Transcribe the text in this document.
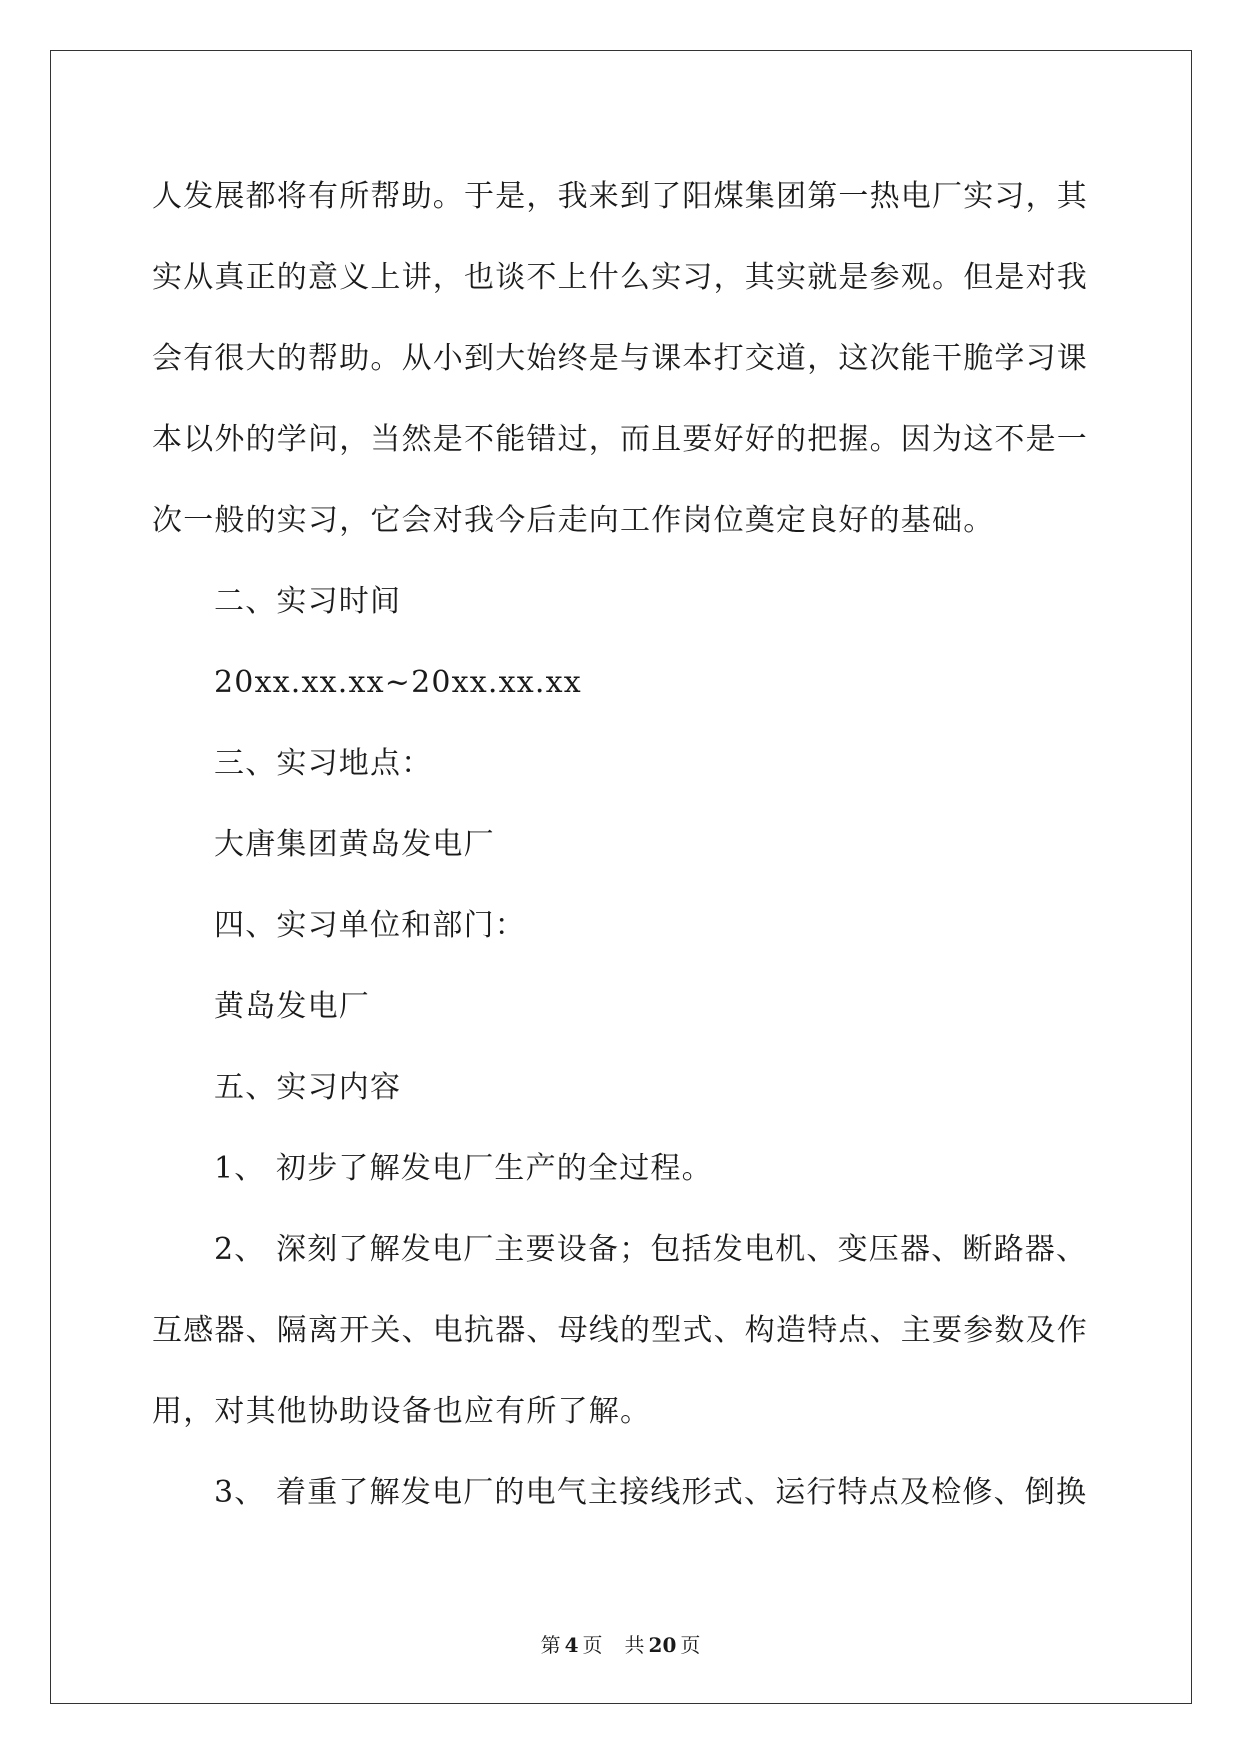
人发展都将有所帮助。于是，我来到了阳煤集团第一热电厂实习，其

实从真正的意义上讲，也谈不上什么实习，其实就是参观。但是对我

会有很大的帮助。从小到大始终是与课本打交道，这次能干脆学习课

本以外的学问，当然是不能错过，而且要好好的把握。因为这不是一

次一般的实习，它会对我今后走向工作岗位奠定良好的基础。

二、实习时间

20xx.xx.xx~20xx.xx.xx

三、实习地点：

大唐集团黄岛发电厂

四、实习单位和部门：

黄岛发电厂

五、实习内容

1、 初步了解发电厂生产的全过程。

2、 深刻了解发电厂主要设备；包括发电机、变压器、断路器、

互感器、隔离开关、电抗器、母线的型式、构造特点、主要参数及作

用，对其他协助设备也应有所了解。

3、 着重了解发电厂的电气主接线形式、运行特点及检修、倒换

第 4 页 共 20 页
